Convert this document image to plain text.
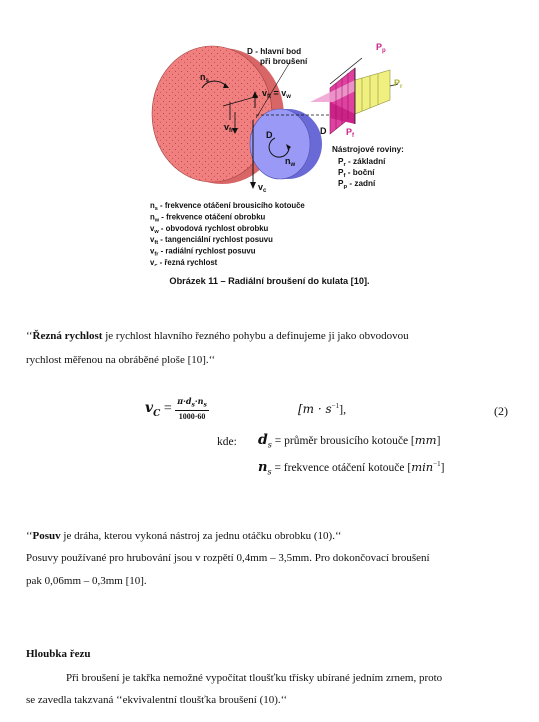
D - hlavní bod
při broušení
$n_s$
$v_{fr}$
$v_{ft} = v_w$
D	D
$n_w$
$v_c$
$P_p$
$P_r$
$P_f$
Nástrojové roviny:
$P_r$ - základní
$P_f$ - boční
$P_p$ - zadní
$n_s$ - frekvence otáčení brousicího kotouče
$n_w$ - frekvence otáčení obrobku
$v_w$ - obvodová rychlost obrobku
$v_{ft}$ - tangenciální rychlost posuvu
$v_{fr}$ - radiální rychlost posuvu
$v_c$ - řezná rychlost
Obrázek 11 – Radiální broušení do kulata [10].
‘‘Řezná rychlost je rychlost hlavního řezného pohybu a definujeme ji jako obvodovou
rychlost měřenou na obráběné ploše [10].‘‘
$v_C = \frac{\pi\cdot d_s\cdot n_s}{1000\cdot 60}$	$[m \cdot s^{-1}]$,	(2)
kde: $d_s$ = průměr brousicího kotouče [mm]
$n_s$ = frekvence otáčení kotouče $[\min^{-1}]$
‘‘Posuv je dráha, kterou vykoná nástroj za jednu otáčku obrobku (10).‘‘
Posuvy používané pro hrubování jsou v rozpětí 0,4mm – 3,5mm. Pro dokončovací broušení
pak 0,06mm – 0,3mm [10].
Hloubka řezu
Při broušení je takřka nemožné vypočítat tloušťku třísky ubírané jedním zrnem, proto
se zavedla takzvaná ‘‘ekvivalentní tloušťka broušení (10).‘‘
